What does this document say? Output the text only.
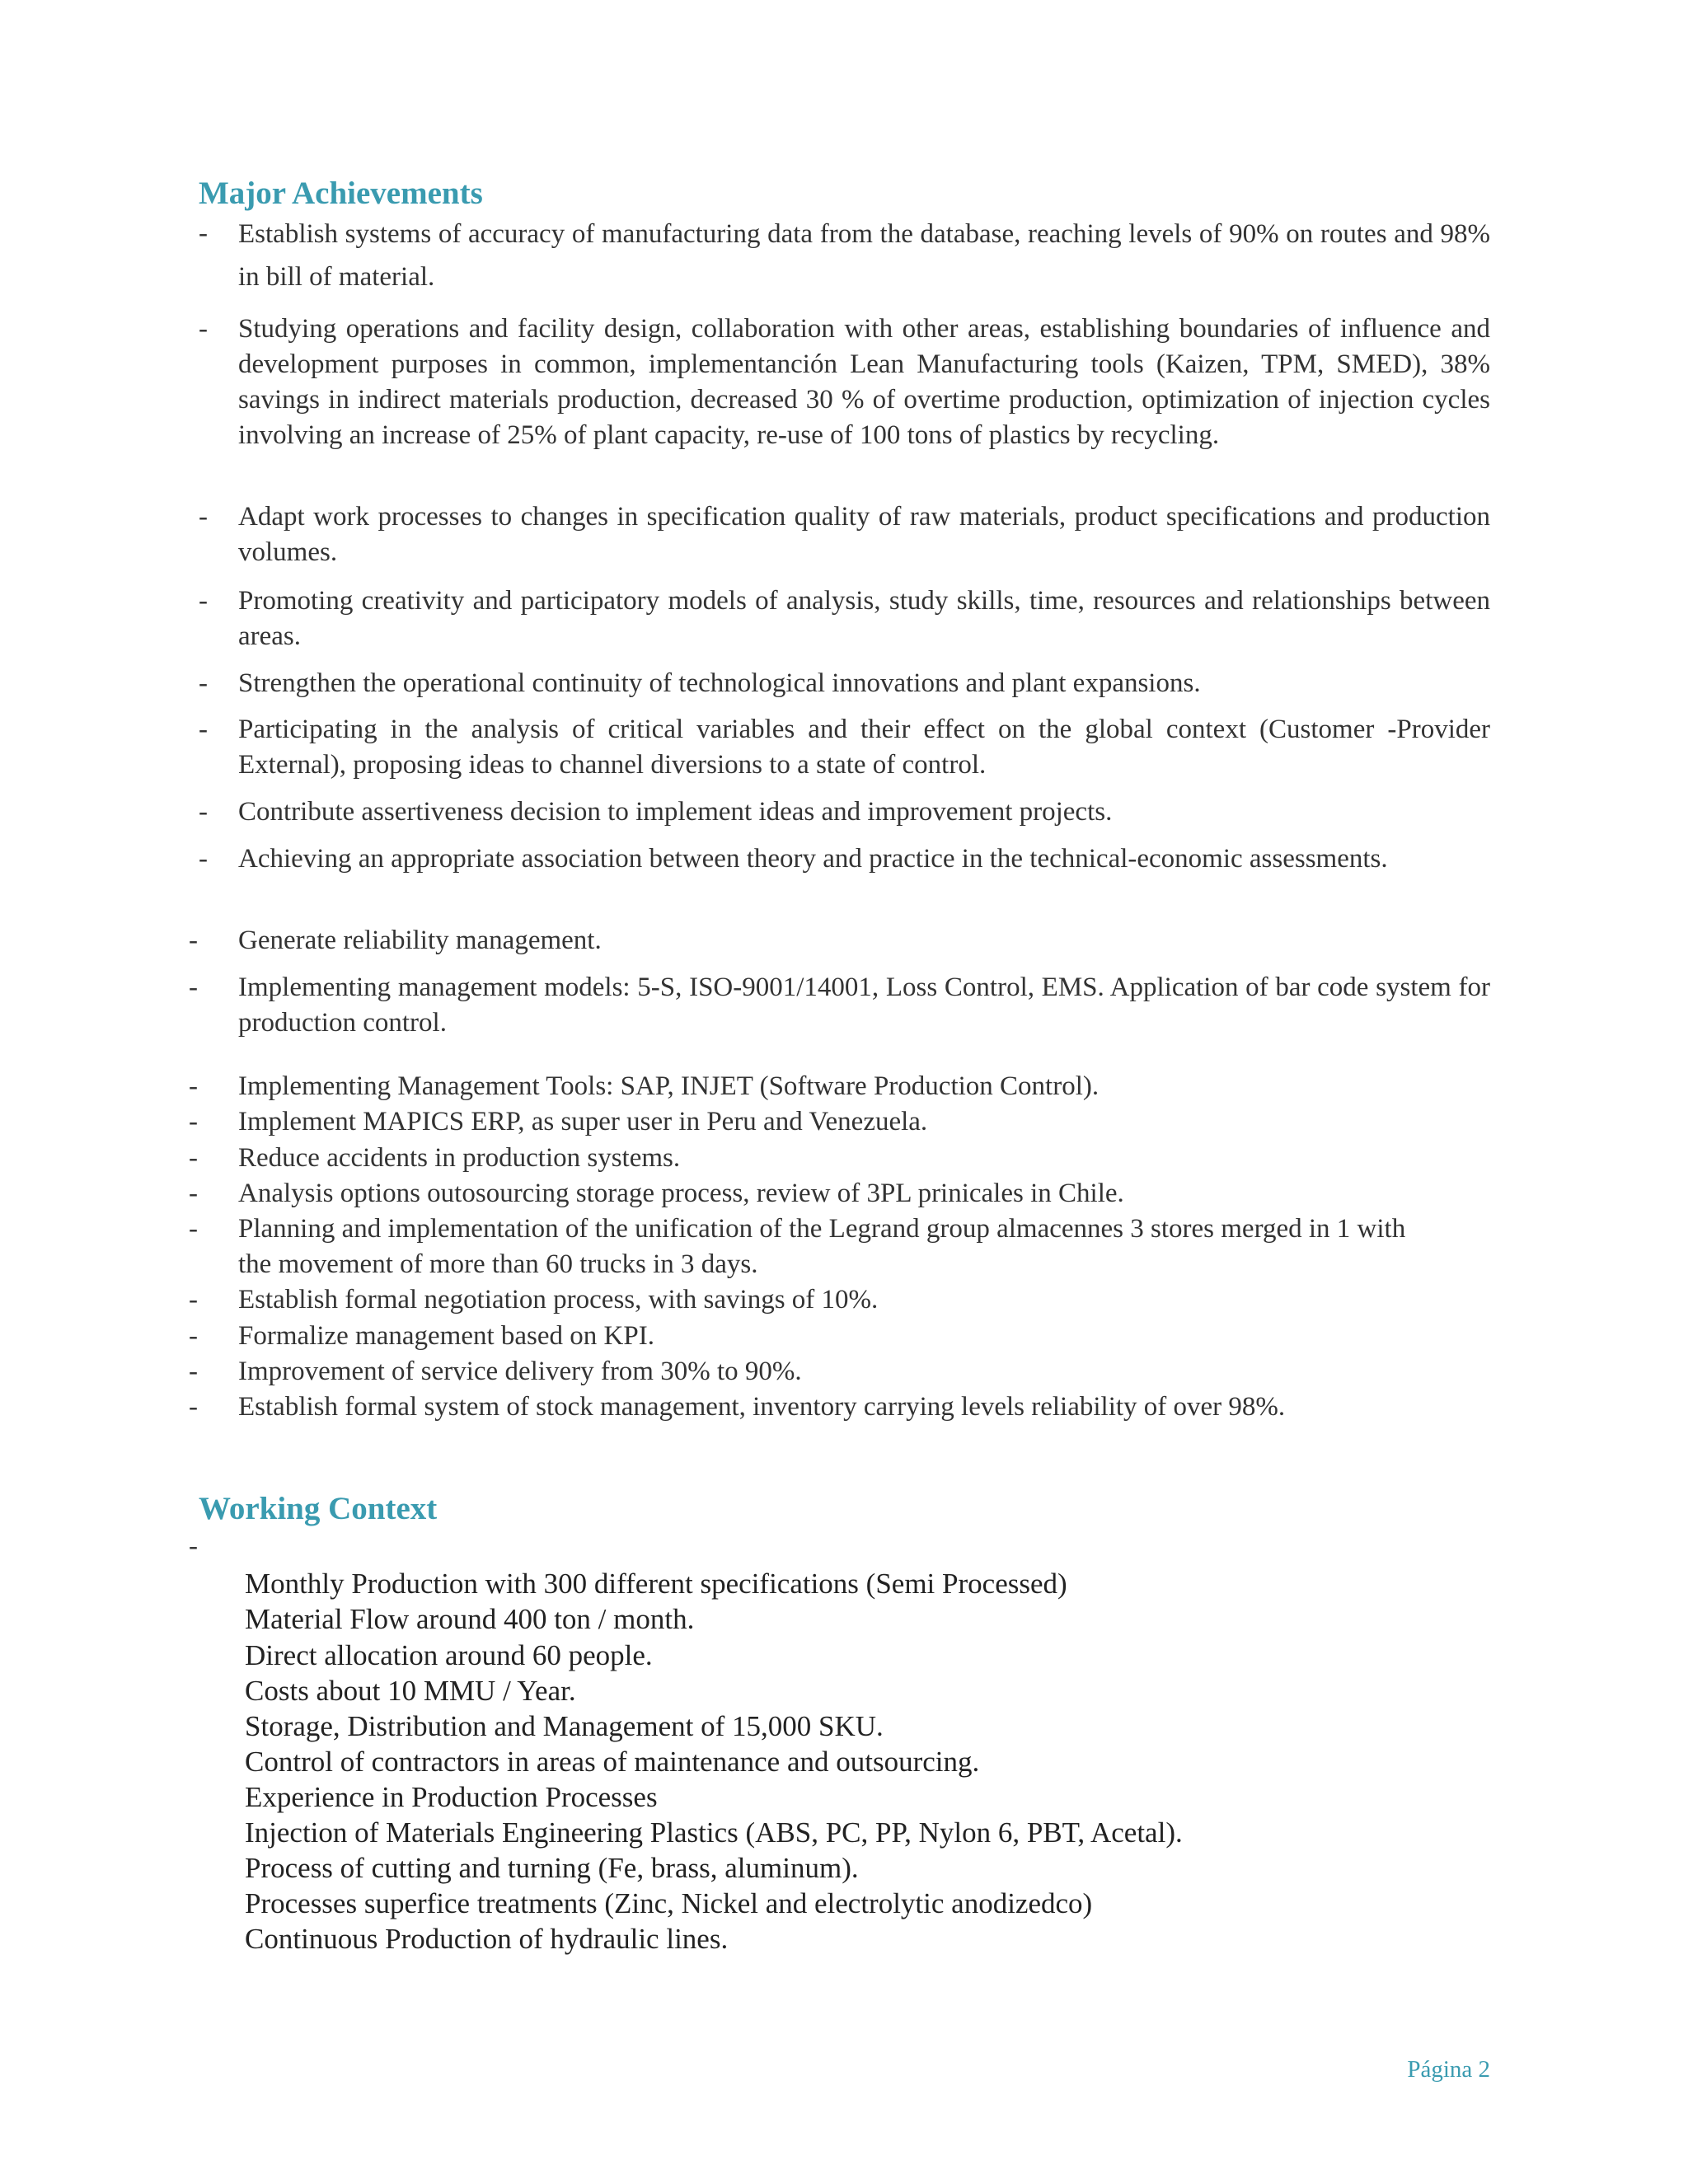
Major Achievements
- Establish systems of accuracy of manufacturing data from the database, reaching levels of 90% on routes and 98% in bill of material.
- Studying operations and facility design, collaboration with other areas, establishing boundaries of influence and development purposes in common, implementanción Lean Manufacturing tools (Kaizen, TPM, SMED), 38% savings in indirect materials production, decreased 30 % of overtime production, optimization of injection cycles involving an increase of 25% of plant capacity, re-use of 100 tons of plastics by recycling.
- Adapt work processes to changes in specification quality of raw materials, product specifications and production volumes.
- Promoting creativity and participatory models of analysis, study skills, time, resources and relationships between areas.
- Strengthen the operational continuity of technological innovations and plant expansions.
- Participating in the analysis of critical variables and their effect on the global context (Customer -Provider External), proposing ideas to channel diversions to a state of control.
- Contribute assertiveness decision to implement ideas and improvement projects.
- Achieving an appropriate association between theory and practice in the technical-economic assessments.
- Generate reliability management.
- Implementing management models: 5-S, ISO-9001/14001, Loss Control, EMS. Application of bar code system for production control.
- Implementing Management Tools: SAP, INJET (Software Production Control).
- Implement MAPICS ERP, as super user in Peru and Venezuela.
- Reduce accidents in production systems.
- Analysis options outosourcing storage process, review of 3PL prinicales in Chile.
- Planning and implementation of the unification of the Legrand group almacennes 3 stores merged in 1 with the movement of more than 60 trucks in 3 days.
- Establish formal negotiation process, with savings of 10%.
- Formalize management based on KPI.
- Improvement of service delivery from 30% to 90%.
- Establish formal system of stock management, inventory carrying levels reliability of over 98%.
Working Context
-
Monthly Production with 300 different specifications (Semi Processed)
Material Flow around 400 ton / month.
Direct allocation around 60 people.
Costs about 10 MMU / Year.
Storage, Distribution and Management of 15,000 SKU.
Control of contractors in areas of maintenance and outsourcing.
Experience in Production Processes
Injection of Materials Engineering Plastics (ABS, PC, PP, Nylon 6, PBT, Acetal).
Process of cutting and turning (Fe, brass, aluminum).
Processes superfice treatments (Zinc, Nickel and electrolytic anodizedco)
Continuous Production of hydraulic lines.
Página 2
